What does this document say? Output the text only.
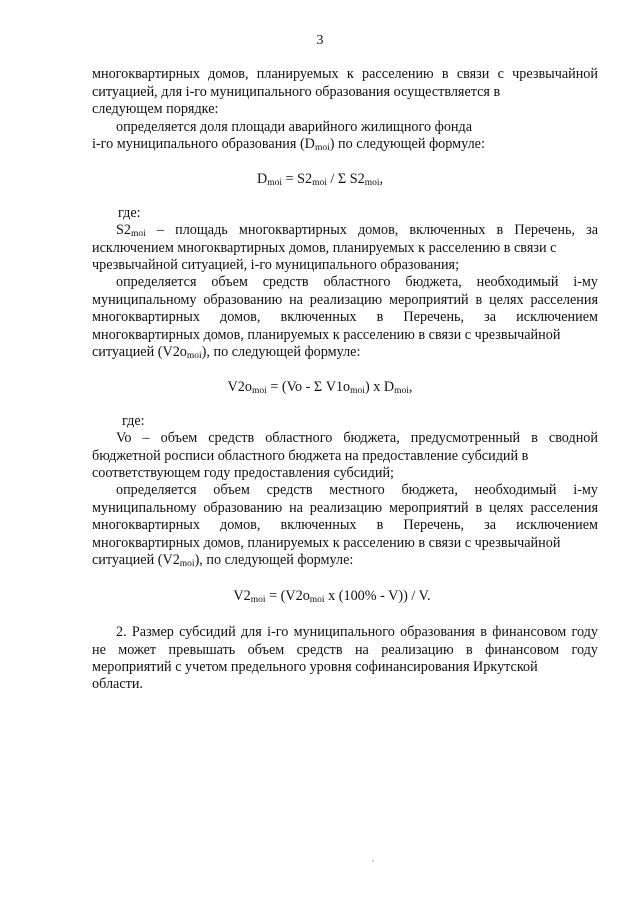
3

многоквартирных домов, планируемых к расселению в связи с чрезвычайной ситуацией, для i-го муниципального образования осуществляется в

следующем порядке:

определяется доля площади аварийного жилищного фонда

i-го муниципального образования $(D_{moi})$ по следующей формуле:

$D_{moi} = S2_{moi} / \Sigma$ $S2_{moi}$,

где:

$S2_{moi}$ – площадь многоквартирных домов, включенных в Перечень, за исключением многоквартирных домов, планируемых к расселению в связи с

чрезвычайной ситуацией, i-го муниципального образования;

определяется объем средств областного бюджета, необходимый i-му муниципальному образованию на реализацию мероприятий в целях расселения многоквартирных домов, включенных в Перечень, за исключением многоквартирных домов, планируемых к расселению в связи с чрезвычайной

ситуацией $(V2o_{moi})$, по следующей формуле:

$V2o_{moi} = (Vo - \Sigma$ $V1o_{moi}$) x $D_{moi}$,

где:

Vo – объем средств областного бюджета, предусмотренный в сводной бюджетной росписи областного бюджета на предоставление субсидий в

соответствующем году предоставления субсидий;

определяется объем средств местного бюджета, необходимый i-му муниципальному образованию на реализацию мероприятий в целях расселения многоквартирных домов, включенных в Перечень, за исключением многоквартирных домов, планируемых к расселению в связи с чрезвычайной

ситуацией $(V2_{moi})$, по следующей формуле:

$V2_{moi} = (V2o_{moi}$ x (100% - V)) / V.

2. Размер субсидий для i-го муниципального образования в финансовом году не может превышать объем средств на реализацию в финансовом году мероприятий с учетом предельного уровня софинансирования Иркутской

области.
